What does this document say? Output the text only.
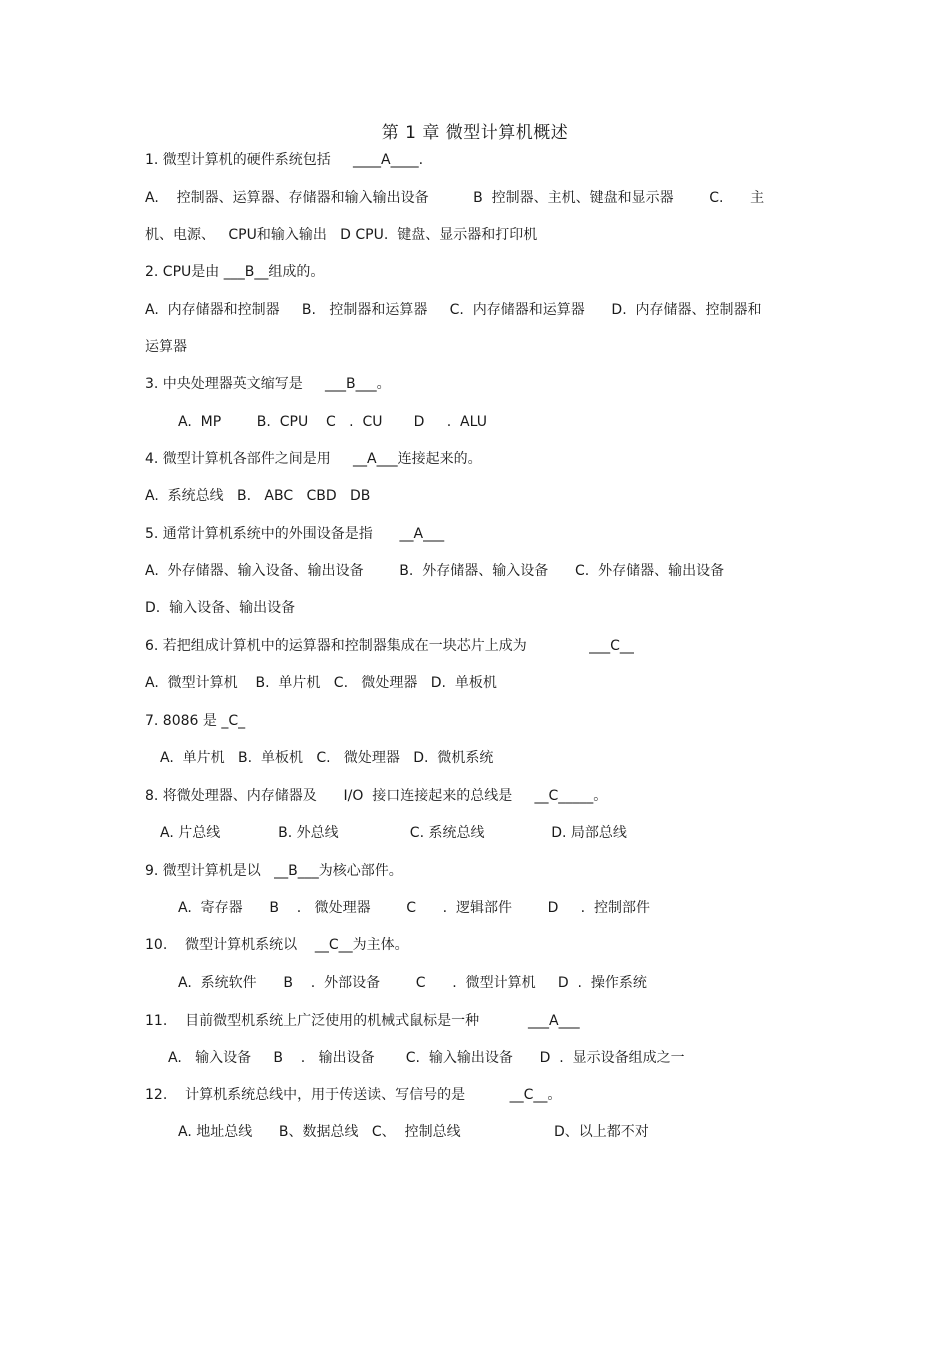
第 1 章 微型计算机概述
1. 微型计算机的硬件系统包括     ____A____.
A.    控制器、运算器、存储器和输入输出设备          B  控制器、主机、键盘和显示器        C.      主
机、电源、   CPU和输入输出   D CPU.  键盘、显示器和打印机
2. CPU是由 ___B__组成的。
A.  内存储器和控制器     B.   控制器和运算器     C.  内存储器和运算器      D.  内存储器、控制器和
运算器
3. 中央处理器英文缩写是     ___B___。
A.  MP        B.  CPU    C   .  CU       D     .  ALU
4. 微型计算机各部件之间是用     __A___连接起来的。
A.  系统总线   B.   ABC   CBD   DB
5. 通常计算机系统中的外围设备是指      __A___
A.  外存储器、输入设备、输出设备        B.  外存储器、输入设备      C.  外存储器、输出设备
D.  输入设备、输出设备
6. 若把组成计算机中的运算器和控制器集成在一块芯片上成为              ___C__
A.  微型计算机    B.  单片机   C.   微处理器   D.  单板机
7. 8086 是 _C_
A.  单片机   B.  单板机   C.   微处理器   D.  微机系统
8. 将微处理器、内存储器及      I/O  接口连接起来的总线是     __C_____。
A. 片总线             B. 外总线                C. 系统总线               D. 局部总线
9. 微型计算机是以   __B___为核心部件。
A.  寄存器      B    .   微处理器        C      .  逻辑部件        D     .  控制部件
10.    微型计算机系统以    __C__为主体。
A.  系统软件      B    .  外部设备        C      .  微型计算机     D  .  操作系统
11.    目前微型机系统上广泛使用的机械式鼠标是一种           ___A___
A.   输入设备     B    .   输出设备       C.  输入输出设备      D  .  显示设备组成之一
12.    计算机系统总线中，用于传送读、写信号的是          __C__。
A. 地址总线      B、数据总线   C、  控制总线                     D、以上都不对
